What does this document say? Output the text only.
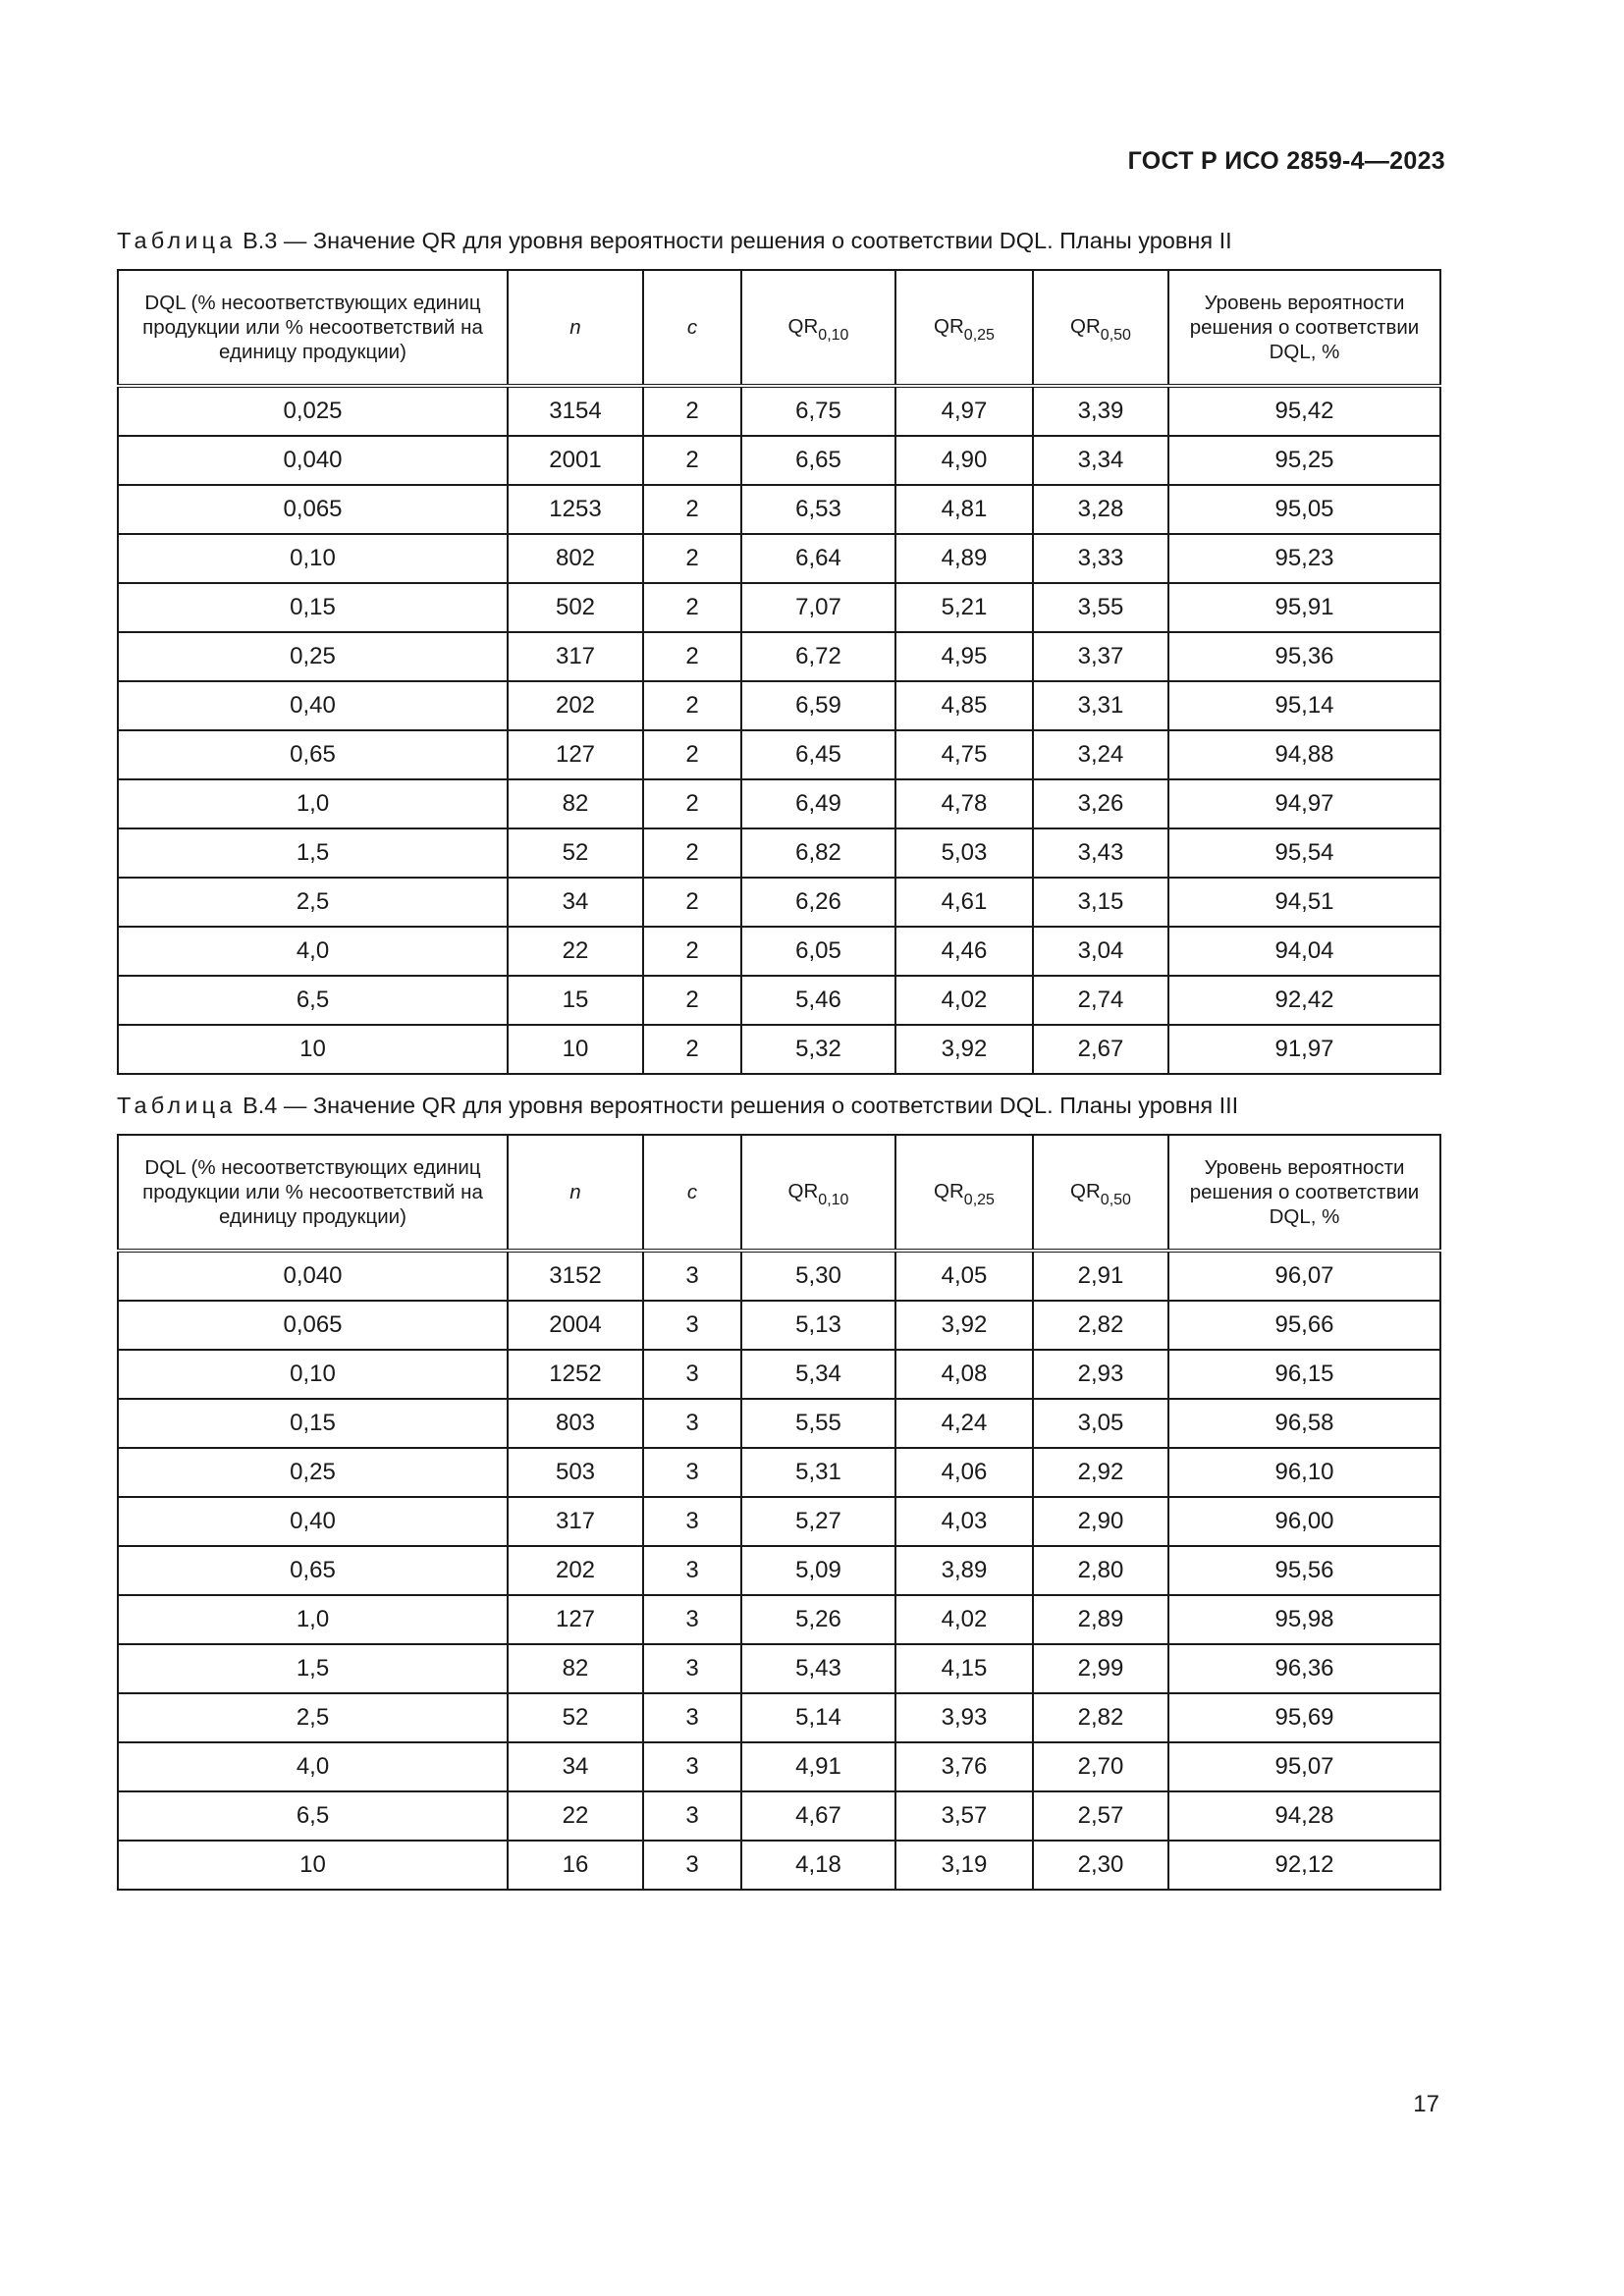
ГОСТ Р ИСО 2859-4—2023
Таблица В.3 — Значение QR для уровня вероятности решения о соответствии DQL. Планы уровня II
DQL (% несоответствующих единиц продукции или % несоответствий на единицу продукции)	n	c	$QR_{0,10}$	$QR_{0,25}$	$QR_{0,50}$	Уровень вероятности решения о соответствии DQL, %
0,025	3154	2	6,75	4,97	3,39	95,42
0,040	2001	2	6,65	4,90	3,34	95,25
0,065	1253	2	6,53	4,81	3,28	95,05
0,10	802	2	6,64	4,89	3,33	95,23
0,15	502	2	7,07	5,21	3,55	95,91
0,25	317	2	6,72	4,95	3,37	95,36
0,40	202	2	6,59	4,85	3,31	95,14
0,65	127	2	6,45	4,75	3,24	94,88
1,0	82	2	6,49	4,78	3,26	94,97
1,5	52	2	6,82	5,03	3,43	95,54
2,5	34	2	6,26	4,61	3,15	94,51
4,0	22	2	6,05	4,46	3,04	94,04
6,5	15	2	5,46	4,02	2,74	92,42
10	10	2	5,32	3,92	2,67	91,97
Таблица В.4 — Значение QR для уровня вероятности решения о соответствии DQL. Планы уровня III
DQL (% несоответствующих единиц продукции или % несоответствий на единицу продукции)	n	c	$QR_{0,10}$	$QR_{0,25}$	$QR_{0,50}$	Уровень вероятности решения о соответствии DQL, %
0,040	3152	3	5,30	4,05	2,91	96,07
0,065	2004	3	5,13	3,92	2,82	95,66
0,10	1252	3	5,34	4,08	2,93	96,15
0,15	803	3	5,55	4,24	3,05	96,58
0,25	503	3	5,31	4,06	2,92	96,10
0,40	317	3	5,27	4,03	2,90	96,00
0,65	202	3	5,09	3,89	2,80	95,56
1,0	127	3	5,26	4,02	2,89	95,98
1,5	82	3	5,43	4,15	2,99	96,36
2,5	52	3	5,14	3,93	2,82	95,69
4,0	34	3	4,91	3,76	2,70	95,07
6,5	22	3	4,67	3,57	2,57	94,28
10	16	3	4,18	3,19	2,30	92,12
17
